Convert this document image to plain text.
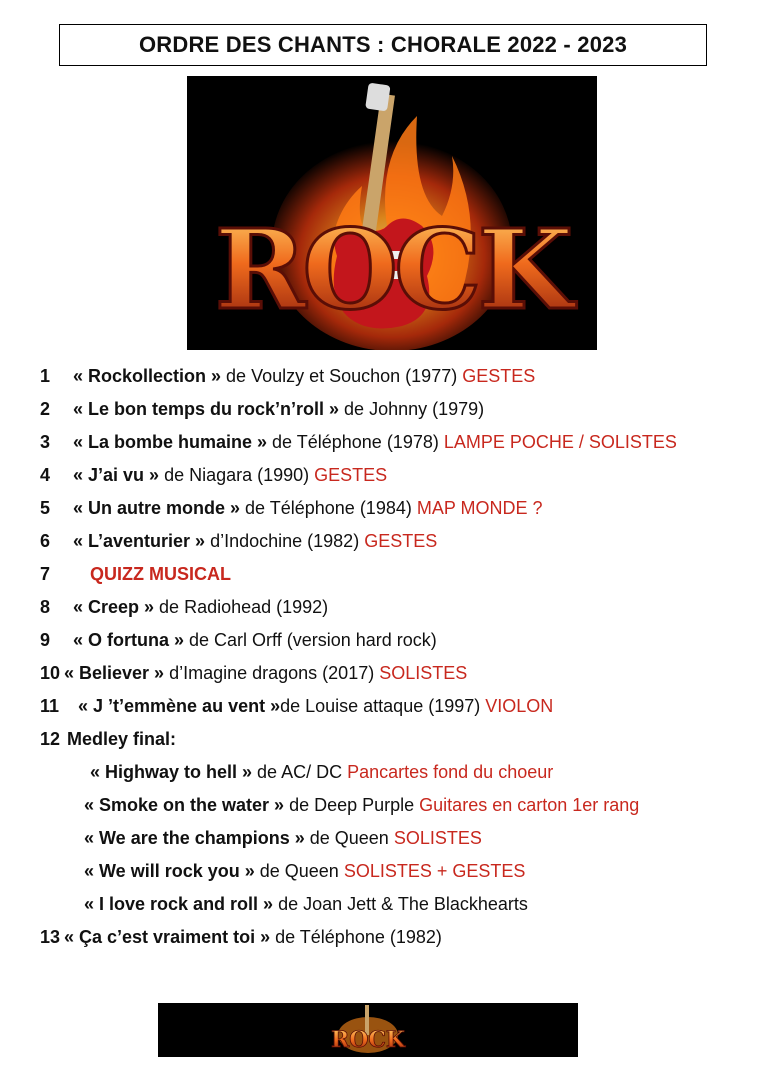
ORDRE DES CHANTS : CHORALE 2022 - 2023
ROCK
1 « Rockollection » de Voulzy et Souchon (1977) GESTES
2 « Le bon temps du rock’n’roll » de Johnny (1979)
3 « La bombe humaine » de Téléphone (1978) LAMPE POCHE / SOLISTES
4 « J’ai vu » de Niagara (1990) GESTES
5 « Un autre monde » de Téléphone (1984) MAP MONDE ?
6 « L’aventurier » d’Indochine (1982) GESTES
7 QUIZZ MUSICAL
8 « Creep » de Radiohead (1992)
9 « O fortuna » de Carl Orff (version hard rock)
10 « Believer » d’Imagine dragons (2017) SOLISTES
11 « J ’t’emmène au vent »de Louise attaque (1997) VIOLON
12 Medley final:
« Highway to hell » de AC/ DC Pancartes fond du choeur
« Smoke on the water » de Deep Purple Guitares en carton 1er rang
« We are the champions » de Queen SOLISTES
« We will rock you » de Queen SOLISTES + GESTES
« I love rock and roll » de Joan Jett & The Blackhearts
13 « Ça c’est vraiment toi » de Téléphone (1982)
ROCK
